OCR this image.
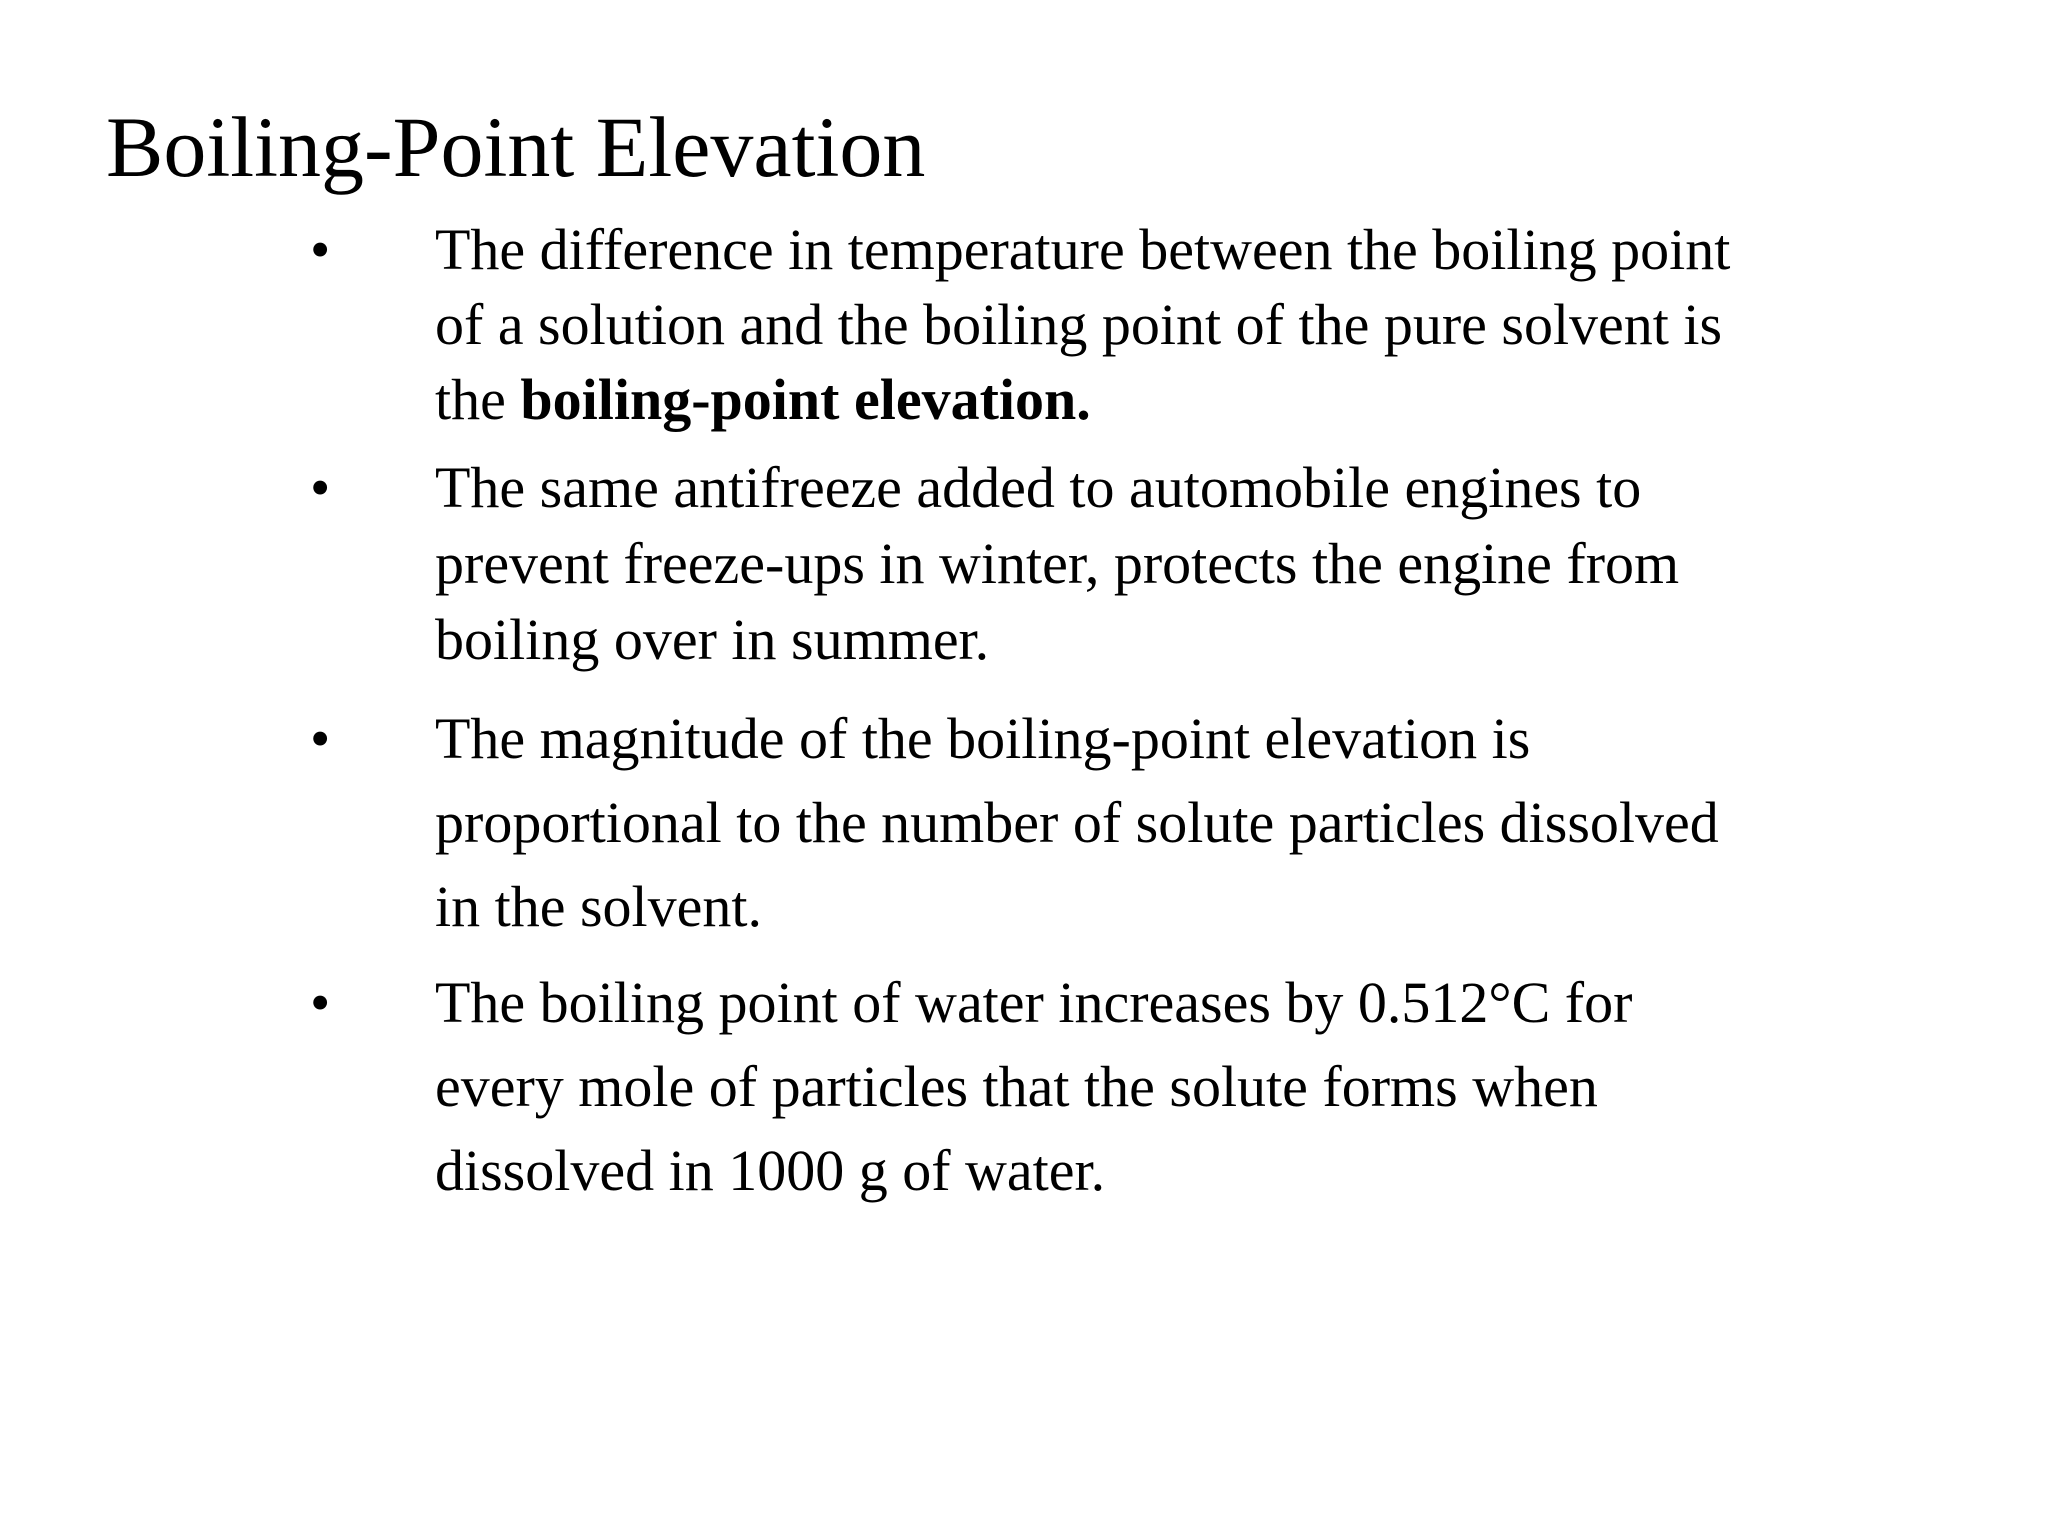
Boiling-Point Elevation
• The difference in temperature between the boiling point
of a solution and the boiling point of the pure solvent is
the boiling-point elevation.
• The same antifreeze added to automobile engines to
prevent freeze-ups in winter, protects the engine from
boiling over in summer.
• The magnitude of the boiling-point elevation is
proportional to the number of solute particles dissolved
in the solvent.
• The boiling point of water increases by 0.512°C for
every mole of particles that the solute forms when
dissolved in 1000 g of water.
